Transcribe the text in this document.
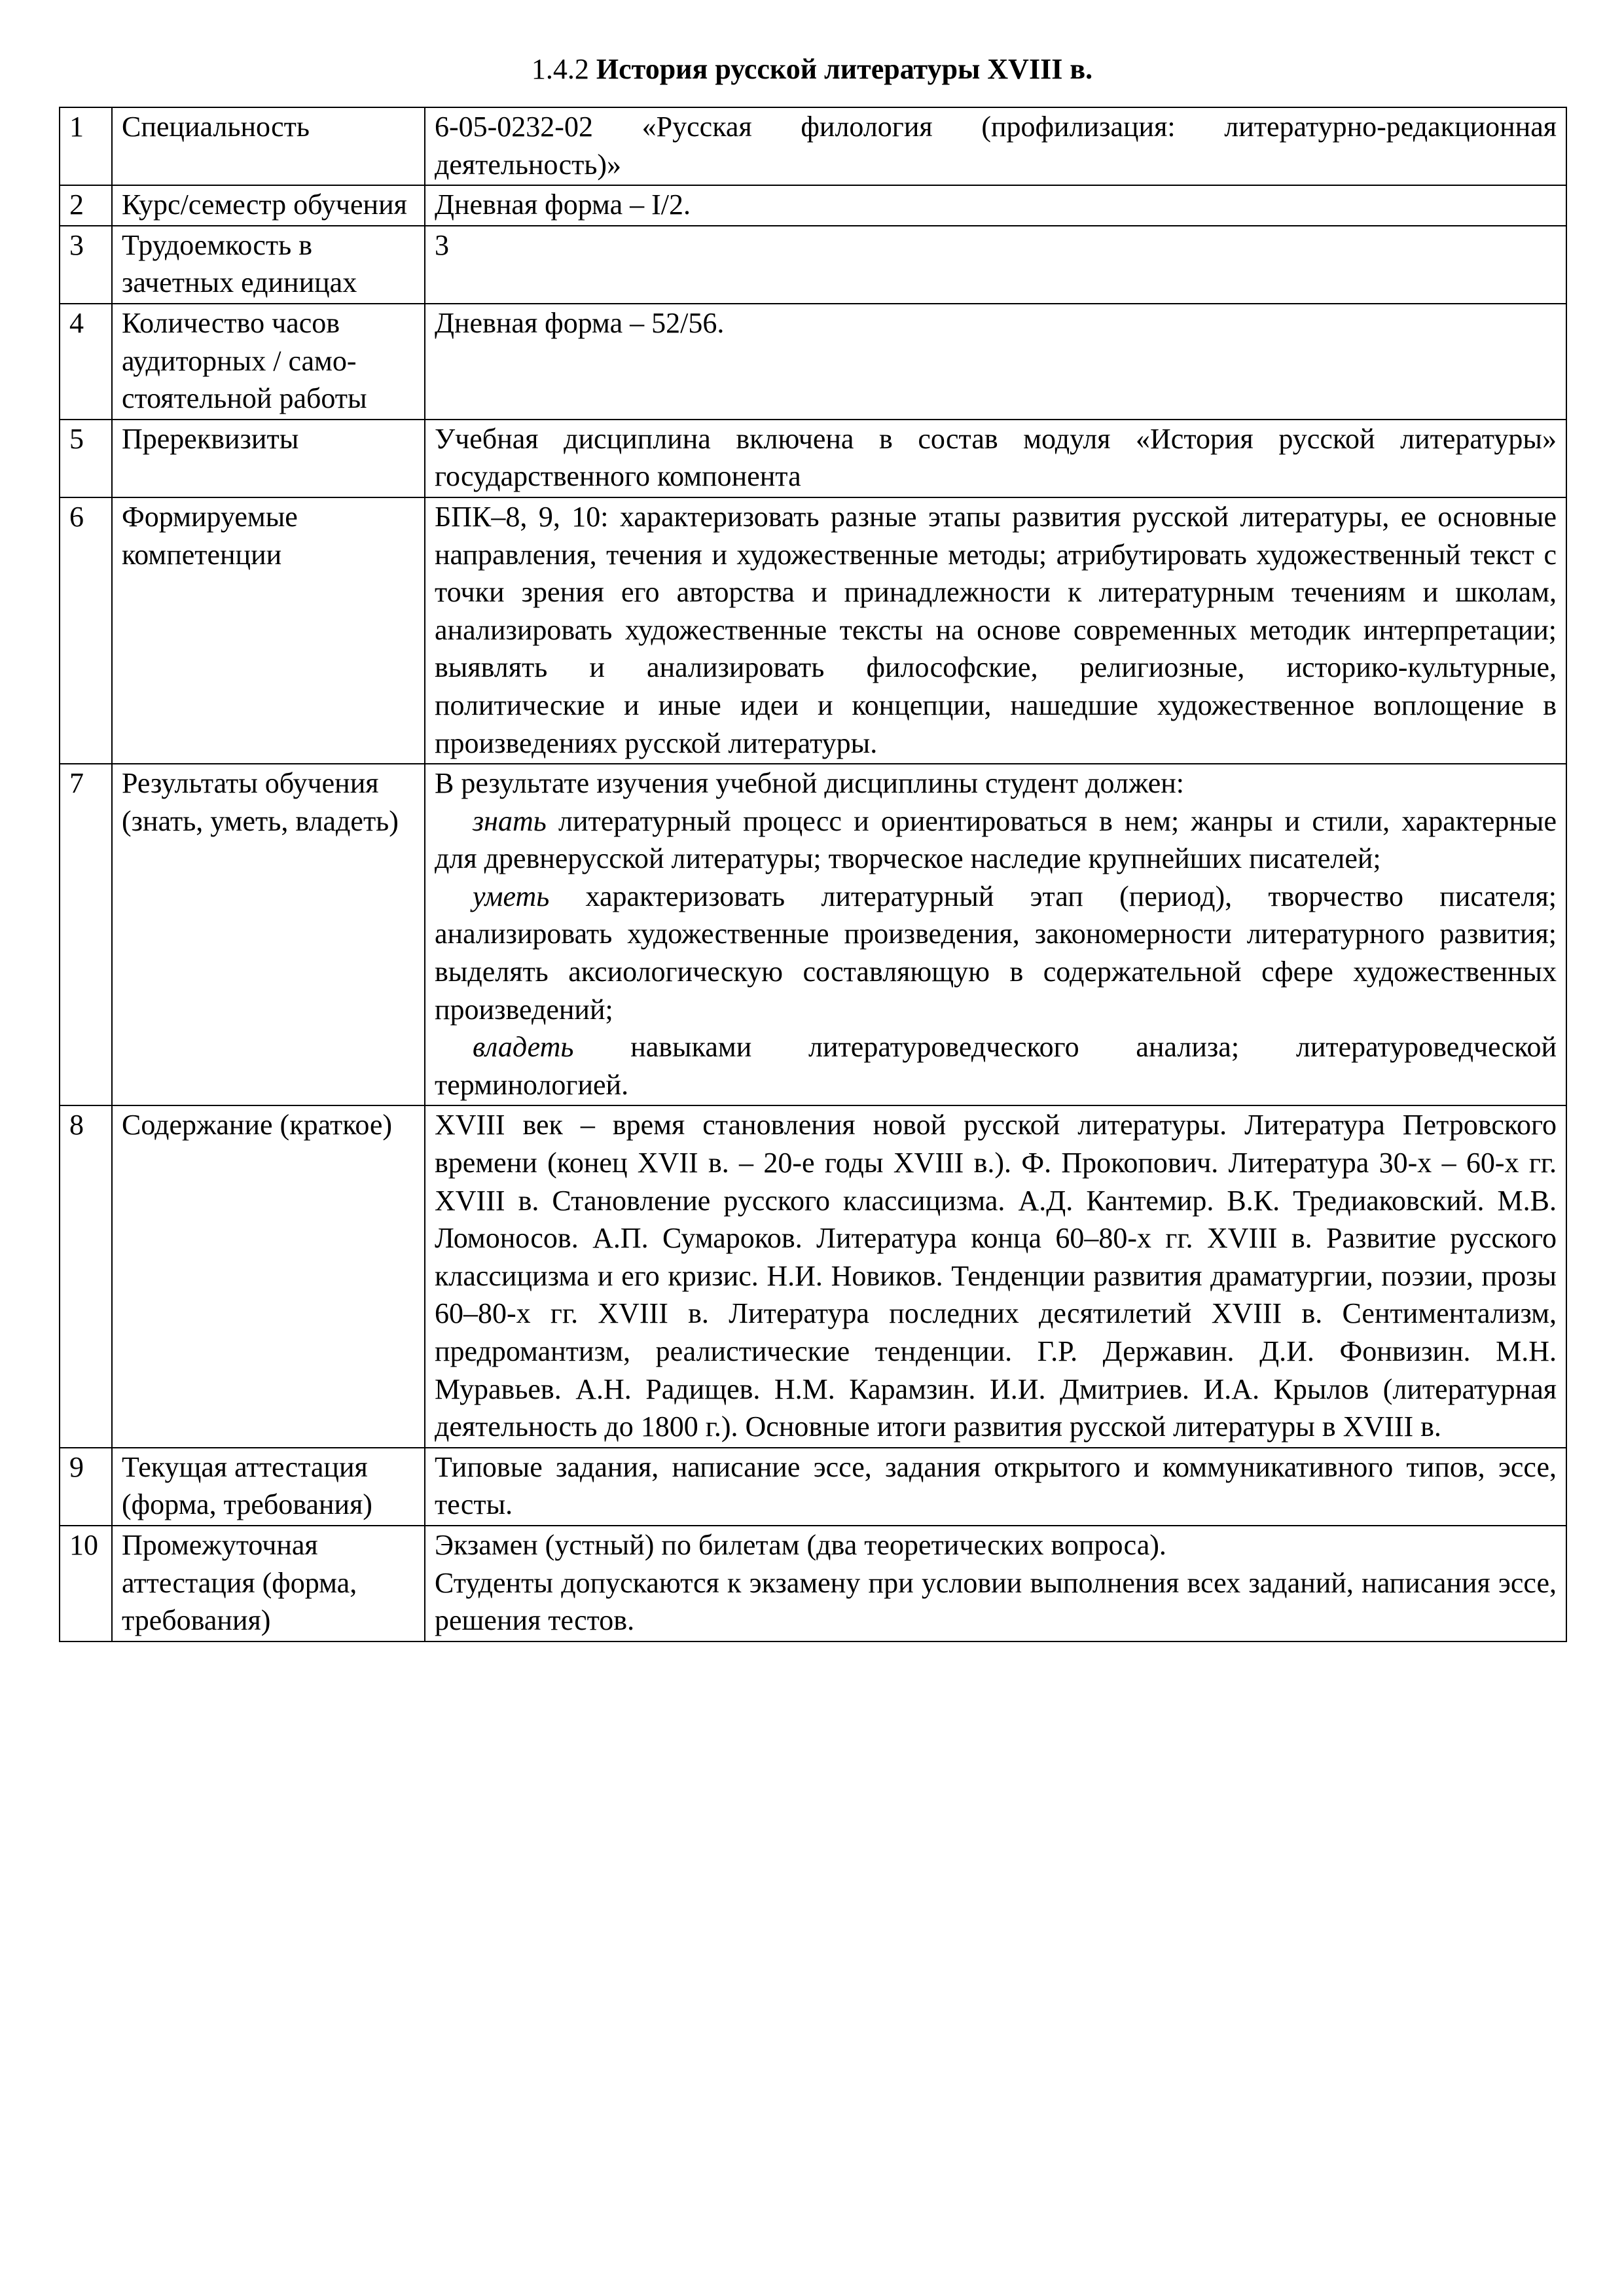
1.4.2 История русской литературы XVIII в.
1	Специальность	6-05-0232-02 «Русская филология (профилизация: литературно-редакционная деятельность)»
2	Курс/семестр обучения	Дневная форма – I/2.
3	Трудоемкость в зачетных единицах	3
4	Количество часов аудиторных / само-стоятельной работы	Дневная форма – 52/56.
5	Пререквизиты	Учебная дисциплина включена в состав модуля «История русской литературы» государственного компонента
6	Формируемые компетенции	БПК–8, 9, 10: характеризовать разные этапы развития русской литературы, ее основные направления, течения и художественные методы; атрибутировать художественный текст с точки зрения его авторства и принадлежности к литературным течениям и школам, анализировать художественные тексты на основе современных методик интерпретации; выявлять и анализировать философские, религиозные, историко-культурные, политические и иные идеи и концепции, нашедшие художественное воплощение в произведениях русской литературы.
7	Результаты обучения (знать, уметь, владеть)	В результате изучения учебной дисциплины студент должен:

знать литературный процесс и ориентироваться в нем; жанры и стили, характерные для древнерусской литературы; творческое наследие крупнейших писателей;

уметь характеризовать литературный этап (период), творчество писателя; анализировать художественные произведения, закономерности литературного развития; выделять аксиологическую составляющую в содержательной сфере художественных произведений;

владеть навыками литературоведческого анализа; литературоведческой терминологией.

8	Содержание (краткое)	XVIII век – время становления новой русской литературы. Литература Петровского времени (конец XVII в. – 20-е годы XVIII в.). Ф. Прокопович. Литература 30-х – 60-х гг. XVIII в. Становление русского классицизма. А.Д. Кантемир. В.К. Тредиаковский. М.В. Ломоносов. А.П. Сумароков. Литература конца 60–80-х гг. XVIII в. Развитие русского классицизма и его кризис. Н.И. Новиков. Тенденции развития драматургии, поэзии, прозы 60–80-х гг. XVIII в. Литература последних десятилетий XVIII в. Сентиментализм, предромантизм, реалистические тенденции. Г.Р. Державин. Д.И. Фонвизин. М.Н. Муравьев. А.Н. Радищев. Н.М. Карамзин. И.И. Дмитриев. И.А. Крылов (литературная деятельность до 1800 г.). Основные итоги развития русской литературы в XVIII в.
9	Текущая аттестация (форма, требования)	Типовые задания, написание эссе, задания открытого и коммуникативного типов, эссе, тесты.
10	Промежуточная аттестация (форма, требования)	Экзамен (устный) по билетам (два теоретических вопроса).

Студенты допускаются к экзамену при условии выполнения всех заданий, написания эссе, решения тестов.
